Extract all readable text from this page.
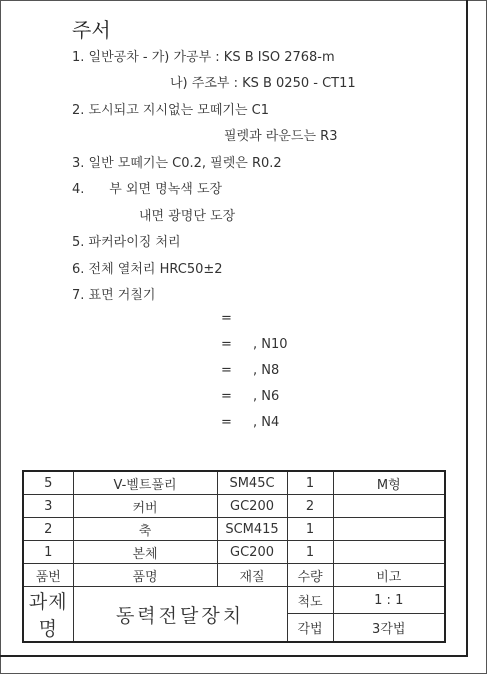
주서
1. 일반공차 - 가) 가공부 : KS B ISO 2768-m
나) 주조부 : KS B 0250 - CT11
2. 도시되고 지시없는 모떼기는 C1
필렛과 라운드는 R3
3. 일반 모떼기는 C0.2, 필렛은 R0.2
4.      부 외면 명녹색 도장
내면 광명단 도장
5. 파커라이징 처리
6. 전체 열처리 HRC50±2
7. 표면 거칠기

=

=

, N10

=

, N8

=

, N6

=

, N4

5	V-벨트풀리	SM45C	1	M형
3	커버	GC200	2	
2	축	SCM415	1	
1	본체	GC200	1	
품번	품명	재질	수량	비고
과제명	동력전달장치		척도	1 : 1
			각법	3각법
